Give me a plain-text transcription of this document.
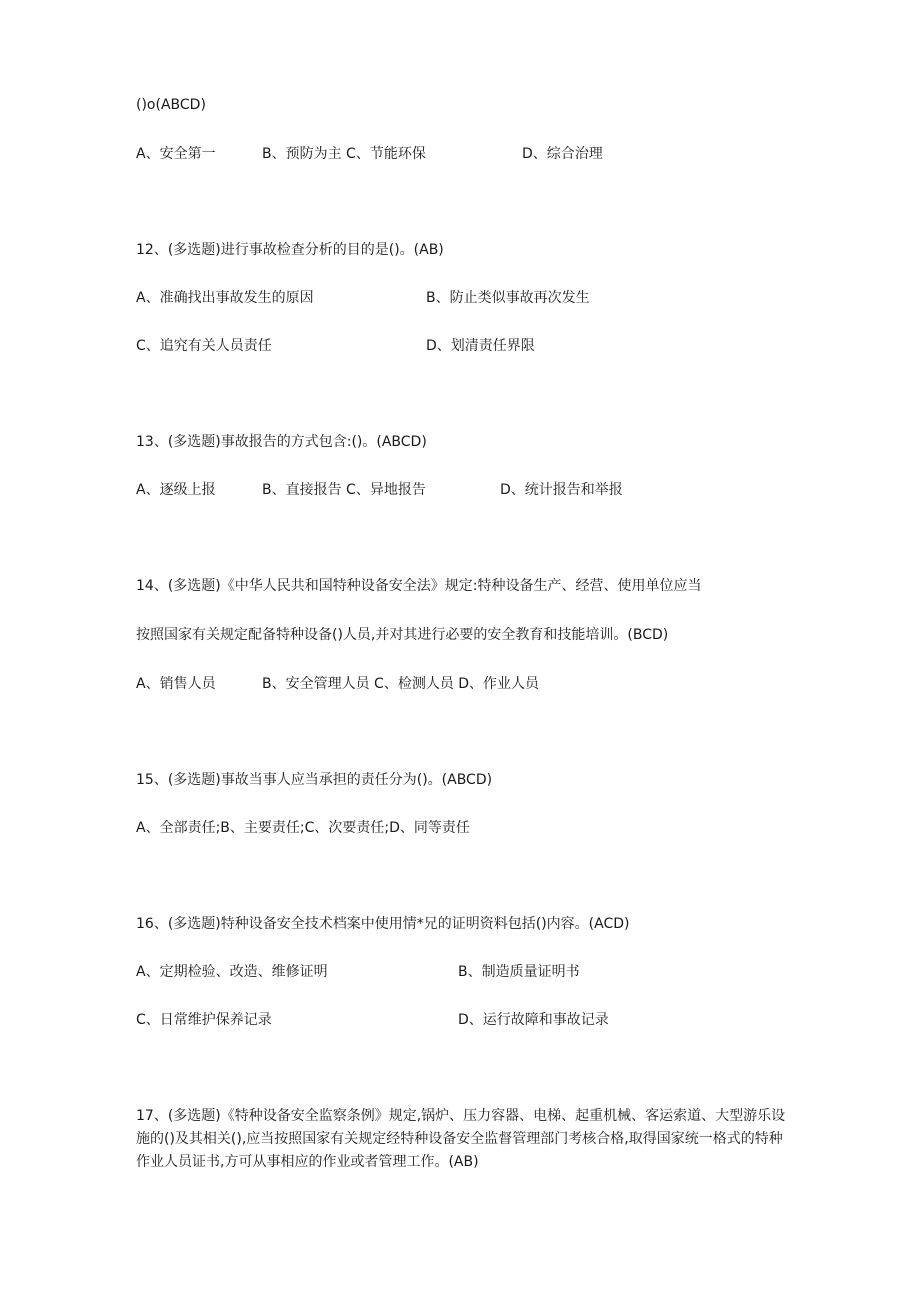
()o(ABCD)
A、安全第一	B、预防为主 C、节能环保	D、综合治理
12、(多选题)进行事故检查分析的目的是()。(AB)
A、准确找出事故发生的原因	B、防止类似事故再次发生
C、追究有关人员责任	D、划清责任界限
13、(多选题)事故报告的方式包含:()。(ABCD)
A、逐级上报	B、直接报告 C、异地报告	D、统计报告和举报
14、(多选题)《中华人民共和国特种设备安全法》规定:特种设备生产、经营、使用单位应当
按照国家有关规定配备特种设备()人员,并对其进行必要的安全教育和技能培训。(BCD)
A、销售人员	B、安全管理人员 C、检测人员 D、作业人员
15、(多选题)事故当事人应当承担的责任分为()。(ABCD)
A、全部责任;B、主要责任;C、次要责任;D、同等责任
16、(多选题)特种设备安全技术档案中使用情*兄的证明资料包括()内容。(ACD)
A、定期检验、改造、维修证明	B、制造质量证明书
C、日常维护保养记录	D、运行故障和事故记录
17、(多选题)《特种设备安全监察条例》规定,锅炉、压力容器、电梯、起重机械、客运索道、大型游乐设施的()及其相关(),应当按照国家有关规定经特种设备安全监督管理部门考核合格,取得国家统一格式的特种作业人员证书,方可从事相应的作业或者管理工作。(AB)
